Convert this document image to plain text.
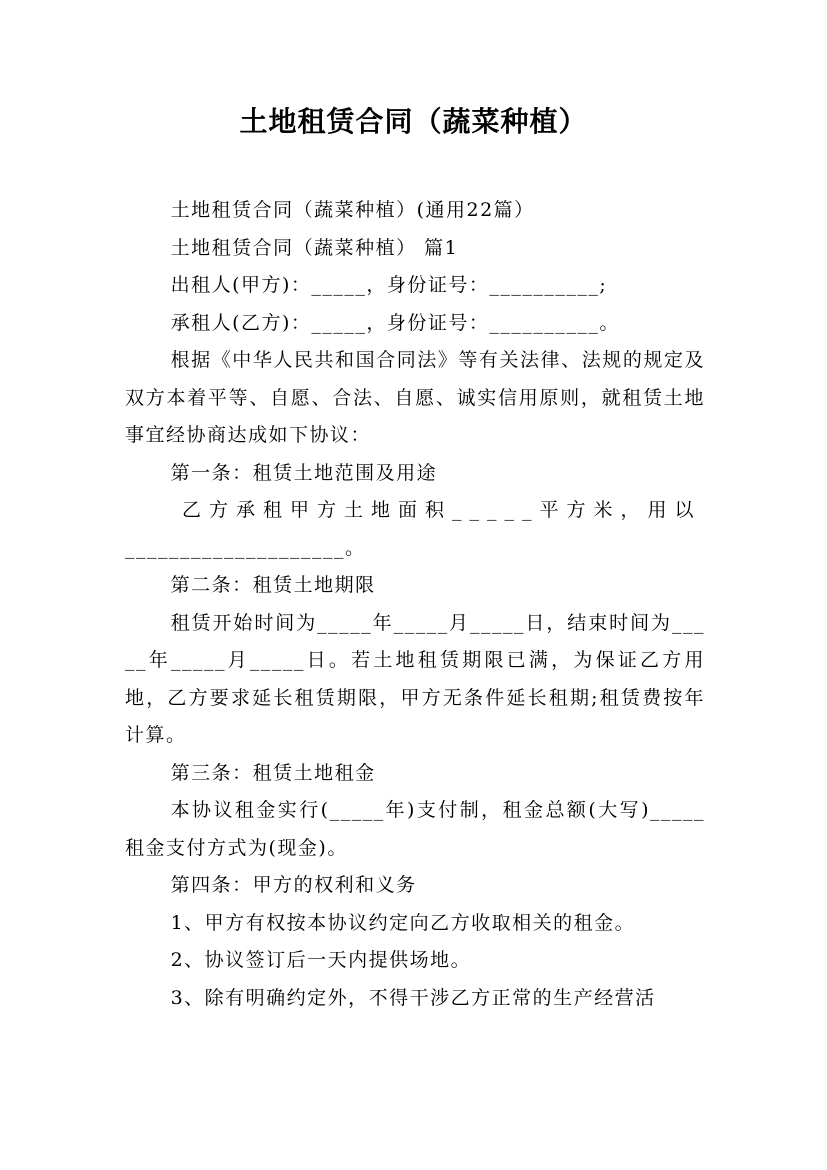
土地租赁合同（蔬菜种植）

土地租赁合同（蔬菜种植）(通用22篇）

土地租赁合同（蔬菜种植） 篇1

出租人(甲方)：_____，身份证号：__________;

承租人(乙方)：_____，身份证号：__________。

根据《中华人民共和国合同法》等有关法律、法规的规定及双方本着平等、自愿、合法、自愿、诚实信用原则，就租赁土地事宜经协商达成如下协议：

第一条：租赁土地范围及用途

乙方承租甲方土地面积_____平方米，用以

____________________。

第二条：租赁土地期限

租赁开始时间为_____年_____月_____日，结束时间为_____年_____月_____日。若土地租赁期限已满，为保证乙方用地，乙方要求延长租赁期限，甲方无条件延长租期;租赁费按年计算。

第三条：租赁土地租金

本协议租金实行(_____年)支付制，租金总额(大写)_____租金支付方式为(现金)。

第四条：甲方的权利和义务

1、甲方有权按本协议约定向乙方收取相关的租金。

2、协议签订后一天内提供场地。

3、除有明确约定外，不得干涉乙方正常的生产经营活
